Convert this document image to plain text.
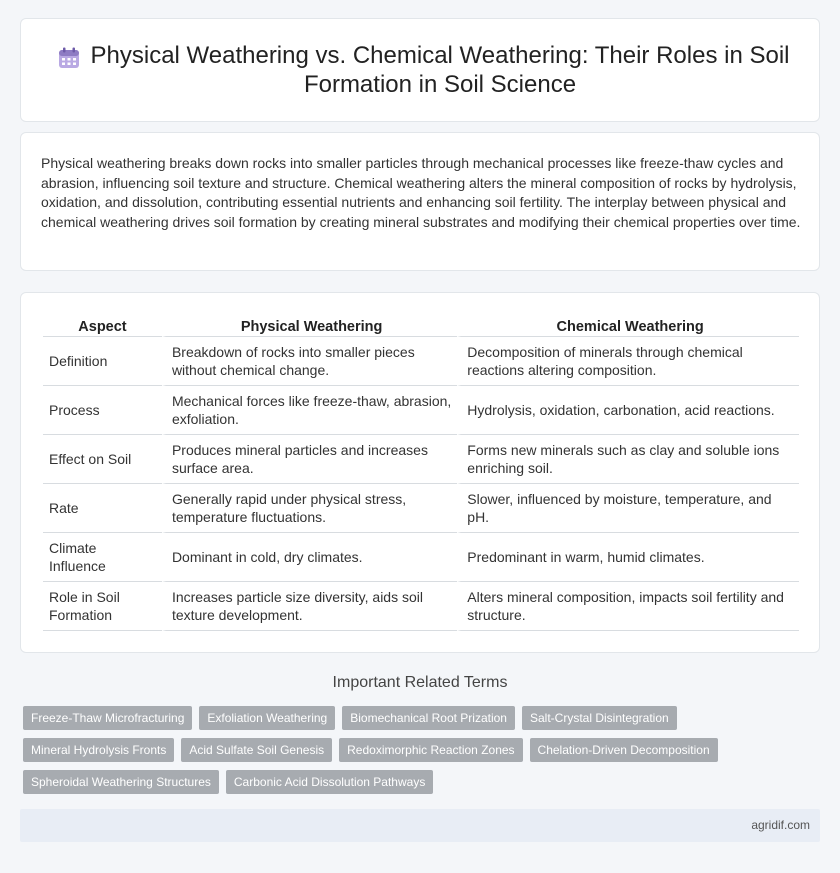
Physical Weathering vs. Chemical Weathering: Their Roles in Soil Formation in Soil Science

Physical weathering breaks down rocks into smaller particles through mechanical processes like freeze-thaw cycles and abrasion, influencing soil texture and structure. Chemical weathering alters the mineral composition of rocks by hydrolysis, oxidation, and dissolution, contributing essential nutrients and enhancing soil fertility. The interplay between physical and chemical weathering drives soil formation by creating mineral substrates and modifying their chemical properties over time.

Aspect	Physical Weathering	Chemical Weathering
Definition	Breakdown of rocks into smaller pieces without chemical change.	Decomposition of minerals through chemical reactions altering composition.
Process	Mechanical forces like freeze-thaw, abrasion, exfoliation.	Hydrolysis, oxidation, carbonation, acid reactions.
Effect on Soil	Produces mineral particles and increases surface area.	Forms new minerals such as clay and soluble ions enriching soil.
Rate	Generally rapid under physical stress, temperature fluctuations.	Slower, influenced by moisture, temperature, and pH.
Climate Influence	Dominant in cold, dry climates.	Predominant in warm, humid climates.
Role in Soil Formation	Increases particle size diversity, aids soil texture development.	Alters mineral composition, impacts soil fertility and structure.
Important Related Terms
Freeze-Thaw Microfracturing	Exfoliation Weathering	Biomechanical Root Prization	Salt-Crystal Disintegration
Mineral Hydrolysis Fronts	Acid Sulfate Soil Genesis	Redoximorphic Reaction Zones	Chelation-Driven Decomposition
Spheroidal Weathering Structures	Carbonic Acid Dissolution Pathways
agridif.com
